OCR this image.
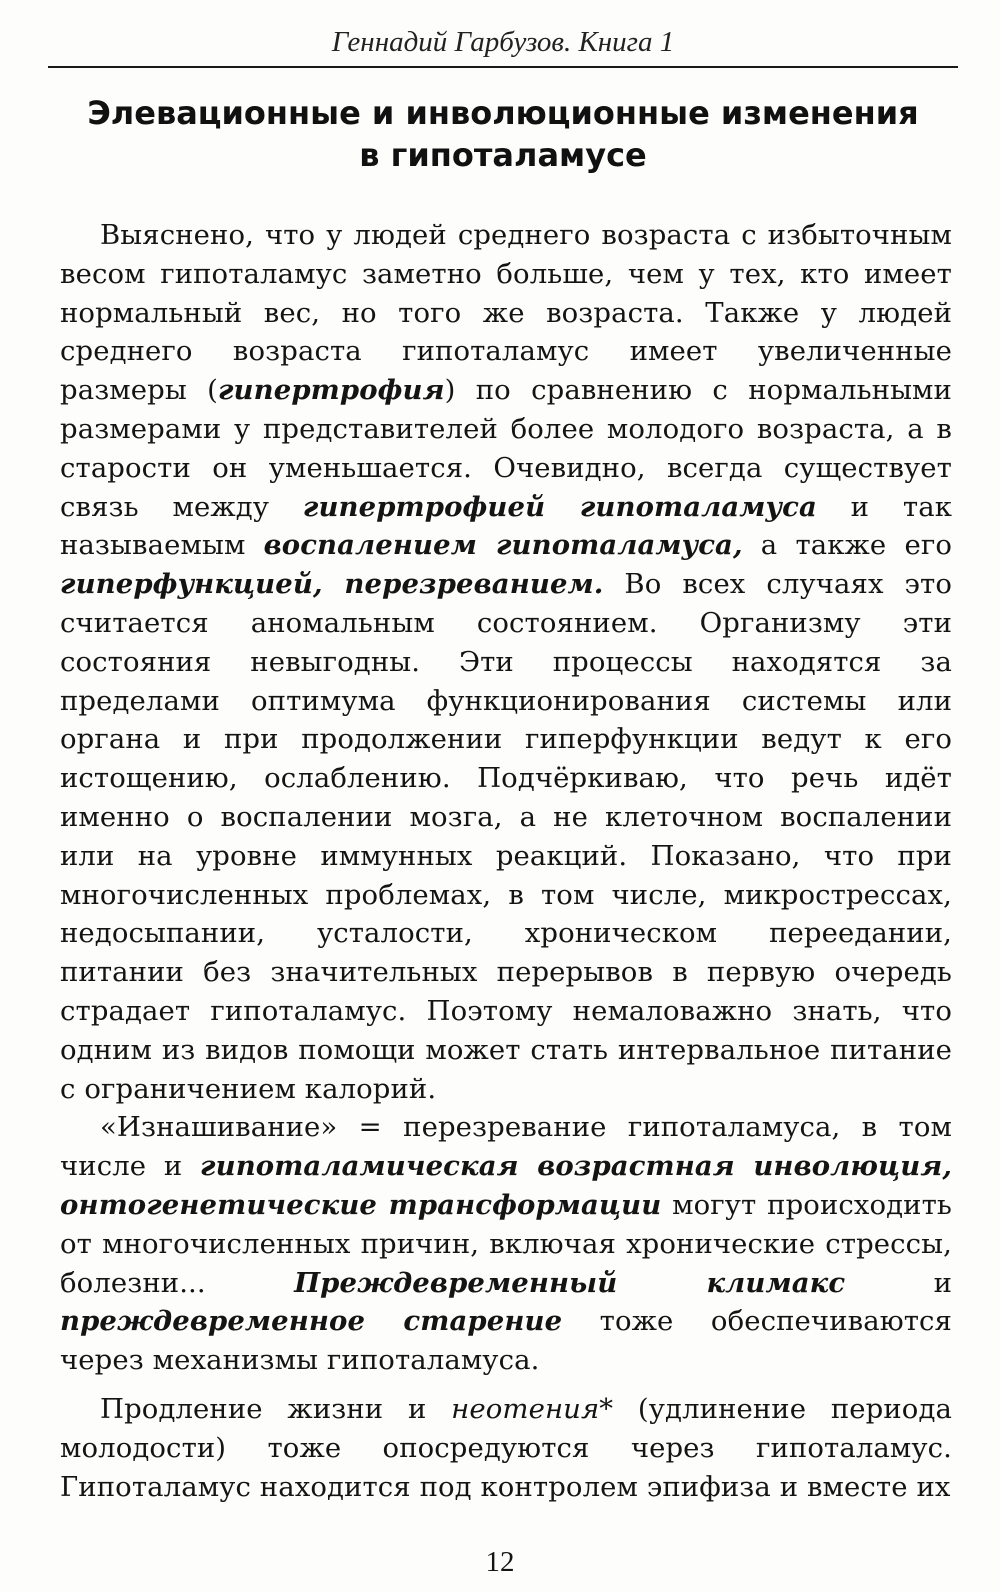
Геннадий Гарбузов. Книга 1
Элевационные и инволюционные изменения
в гипоталамусе

Выяснено, что у людей среднего возраста с избыточным весом гипоталамус заметно больше, чем у тех, кто имеет нормальный вес, но того же возраста. Также у людей среднего возраста гипоталамус имеет увеличенные размеры (гипертрофия) по сравнению с нормальными размерами у представителей более молодого возраста, а в старости он уменьшается. Очевидно, всегда существует связь между гипертрофией гипоталамуса и так называемым воспалением гипоталамуса, а также его гиперфункцией, перезреванием. Во всех случаях это считается аномальным состоянием. Организму эти состояния невыгодны. Эти процессы находятся за пределами оптимума функционирования системы или органа и при продолжении гиперфункции ведут к его истощению, ослаблению. Подчёркиваю, что речь идёт именно о воспалении мозга, а не клеточном воспалении или на уровне иммунных реакций. Показано, что при многочисленных проблемах, в том числе, микрострессах, недосыпании, усталости, хроническом переедании, питании без значительных перерывов в первую очередь страдает гипоталамус. Поэтому немаловажно знать, что одним из видов помощи может стать интервальное питание с ограничением калорий.

«Изнашивание» = перезревание гипоталамуса, в том числе и гипоталамическая возрастная инволюция, онтогенетические трансформации могут происходить от многочисленных причин, включая хронические стрессы, болезни... Преждевременный климакс и преждевременное старение тоже обеспечиваются через механизмы гипоталамуса.

Продление жизни и неотения* (удлинение периода молодости) тоже опосредуются через гипоталамус. Гипоталамус находится под контролем эпифиза и вместе их

12
